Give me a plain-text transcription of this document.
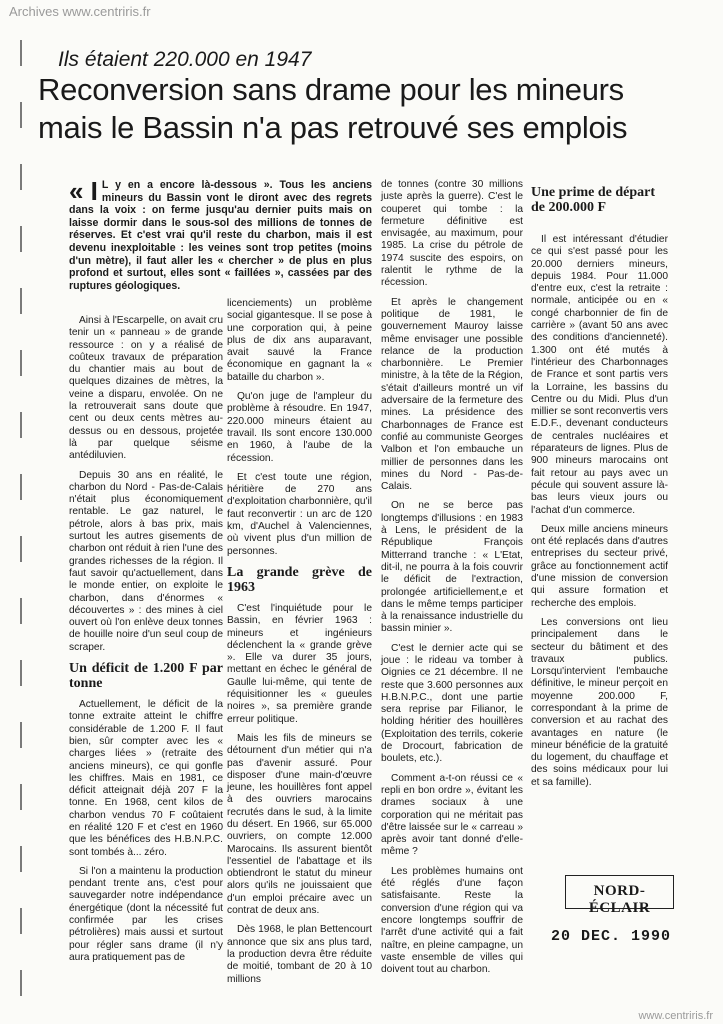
Archives www.centriris.fr
Ils étaient 220.000 en 1947
Reconversion sans drame pour les mineurs
mais le Bassin n'a pas retrouvé ses emplois
« I L y en a encore là-dessous ». Tous les anciens mineurs du Bassin vont le diront avec des regrets dans la voix : on ferme jusqu'au dernier puits mais on laisse dormir dans le sous-sol des millions de tonnes de réserves. Et c'est vrai qu'il reste du charbon, mais il est devenu inexploitable : les veines sont trop petites (moins d'un mètre), il faut aller les « chercher » de plus en plus profond et surtout, elles sont « faillées », cassées par des ruptures géologiques.

Ainsi à l'Escarpelle, on avait cru tenir un « panneau » de grande ressource : on y a réalisé de coûteux travaux de préparation du chantier mais au bout de quelques dizaines de mètres, la veine a disparu, envolée. On ne la retrouverait sans doute que cent ou deux cents mètres au-dessus ou en dessous, projetée là par quelque séisme antédiluvien.

Depuis 30 ans en réalité, le charbon du Nord - Pas-de-Calais n'était plus économiquement rentable. Le gaz naturel, le pétrole, alors à bas prix, mais surtout les autres gisements de charbon ont réduit à rien l'une des grandes richesses de la région. Il faut savoir qu'actuellement, dans le monde entier, on exploite le charbon, dans d'énormes « découvertes » : des mines à ciel ouvert où l'on enlève deux tonnes de houille noire d'un seul coup de scraper.

Un déficit de 1.200 F par tonne

Actuellement, le déficit de la tonne extraite atteint le chiffre considérable de 1.200 F. Il faut bien, sûr compter avec les « charges liées » (retraite des anciens mineurs), ce qui gonfle les chiffres. Mais en 1981, ce déficit atteignait déjà 207 F la tonne. En 1968, cent kilos de charbon vendus 70 F coûtaient en réalité 120 F et c'est en 1960 que les bénéfices des H.B.N.P.C. sont tombés à... zéro.

Si l'on a maintenu la production pendant trente ans, c'est pour sauvegarder notre indépendance énergétique (dont la nécessité fut confirmée par les crises pétrolières) mais aussi et surtout pour régler sans drame (il n'y aura pratiquement pas de

licenciements) un problème social gigantesque. Il se pose à une corporation qui, à peine plus de dix ans auparavant, avait sauvé la France économique en gagnant la « bataille du charbon ».

Qu'on juge de l'ampleur du problème à résoudre. En 1947, 220.000 mineurs étaient au travail. Ils sont encore 130.000 en 1960, à l'aube de la récession.

Et c'est toute une région, héritière de 270 ans d'exploitation charbonnière, qu'il faut reconvertir : un arc de 120 km, d'Auchel à Valenciennes, où vivent plus d'un million de personnes.

La grande grève de 1963

C'est l'inquiétude pour le Bassin, en février 1963 : mineurs et ingénieurs déclenchent la « grande grève ». Elle va durer 35 jours, mettant en échec le général de Gaulle lui-même, qui tente de réquisitionner les « gueules noires », sa première grande erreur politique.

Mais les fils de mineurs se détournent d'un métier qui n'a pas d'avenir assuré. Pour disposer d'une main-d'œuvre jeune, les houillères font appel à des ouvriers marocains recrutés dans le sud, à la limite du désert. En 1966, sur 65.000 ouvriers, on compte 12.000 Marocains. Ils assurent bientôt l'essentiel de l'abattage et ils obtiendront le statut du mineur alors qu'ils ne jouissaient que d'un emploi précaire avec un contrat de deux ans.

Dès 1968, le plan Bettencourt annonce que six ans plus tard, la production devra être réduite de moitié, tombant de 20 à 10 millions

de tonnes (contre 30 millions juste après la guerre). C'est le couperet qui tombe : la fermeture définitive est envisagée, au maximum, pour 1985. La crise du pétrole de 1974 suscite des espoirs, on ralentit le rythme de la récession.

Et après le changement politique de 1981, le gouvernement Mauroy laisse même envisager une possible relance de la production charbonnière. Le Premier ministre, à la tête de la Région, s'était d'ailleurs montré un vif adversaire de la fermeture des mines. La présidence des Charbonnages de France est confié au communiste Georges Valbon et l'on embauche un millier de personnes dans les mines du Nord - Pas-de-Calais.

On ne se berce pas longtemps d'illusions : en 1983 à Lens, le président de la République François Mitterrand tranche : « L'Etat, dit-il, ne pourra à la fois couvrir le déficit de l'extraction, prolongée artificiellement,e et dans le même temps participer à la renaissance industrielle du bassin minier ».

C'est le dernier acte qui se joue : le rideau va tomber à Oignies ce 21 décembre. Il ne reste que 3.600 personnes aux H.B.N.P.C., dont une partie sera reprise par Filianor, le holding héritier des houillères (Exploitation des terrils, cokerie de Drocourt, fabrication de boulets, etc.).

Comment a-t-on réussi ce « repli en bon ordre », évitant les drames sociaux à une corporation qui ne méritait pas d'être laissée sur le « carreau » après avoir tant donné d'elle-même ?

Les problèmes humains ont été réglés d'une façon satisfaisante. Reste la conversion d'une région qui va encore longtemps souffrir de l'arrêt d'une activité qui a fait naître, en pleine campagne, un vaste ensemble de villes qui doivent tout au charbon.

Une prime de départ de 200.000 F

Il est intéressant d'étudier ce qui s'est passé pour les 20.000 derniers mineurs, depuis 1984. Pour 11.000 d'entre eux, c'est la retraite : normale, anticipée ou en « congé charbonnier de fin de carrière » (avant 50 ans avec des conditions d'ancienneté). 1.300 ont été mutés à l'intérieur des Charbonnages de France et sont partis vers la Lorraine, les bassins du Centre ou du Midi. Plus d'un millier se sont reconvertis vers E.D.F., devenant conducteurs de centrales nucléaires et réparateurs de lignes. Plus de 900 mineurs marocains ont fait retour au pays avec un pécule qui souvent assure là-bas leurs vieux jours ou l'achat d'un commerce.

Deux mille anciens mineurs ont été replacés dans d'autres entreprises du secteur privé, grâce au fonctionnement actif d'une mission de conversion qui assure formation et recherche des emplois.

Les conversions ont lieu principalement dans le secteur du bâtiment et des travaux publics. Lorsqu'intervient l'embauche définitive, le mineur perçoit en moyenne 200.000 F, correspondant à la prime de conversion et au rachat des avantages en nature (le mineur bénéficie de la gratuité du logement, du chauffage et des soins médicaux pour lui et sa famille).

NORD-ÉCLAIR
20 DEC. 1990
www.centriris.fr
